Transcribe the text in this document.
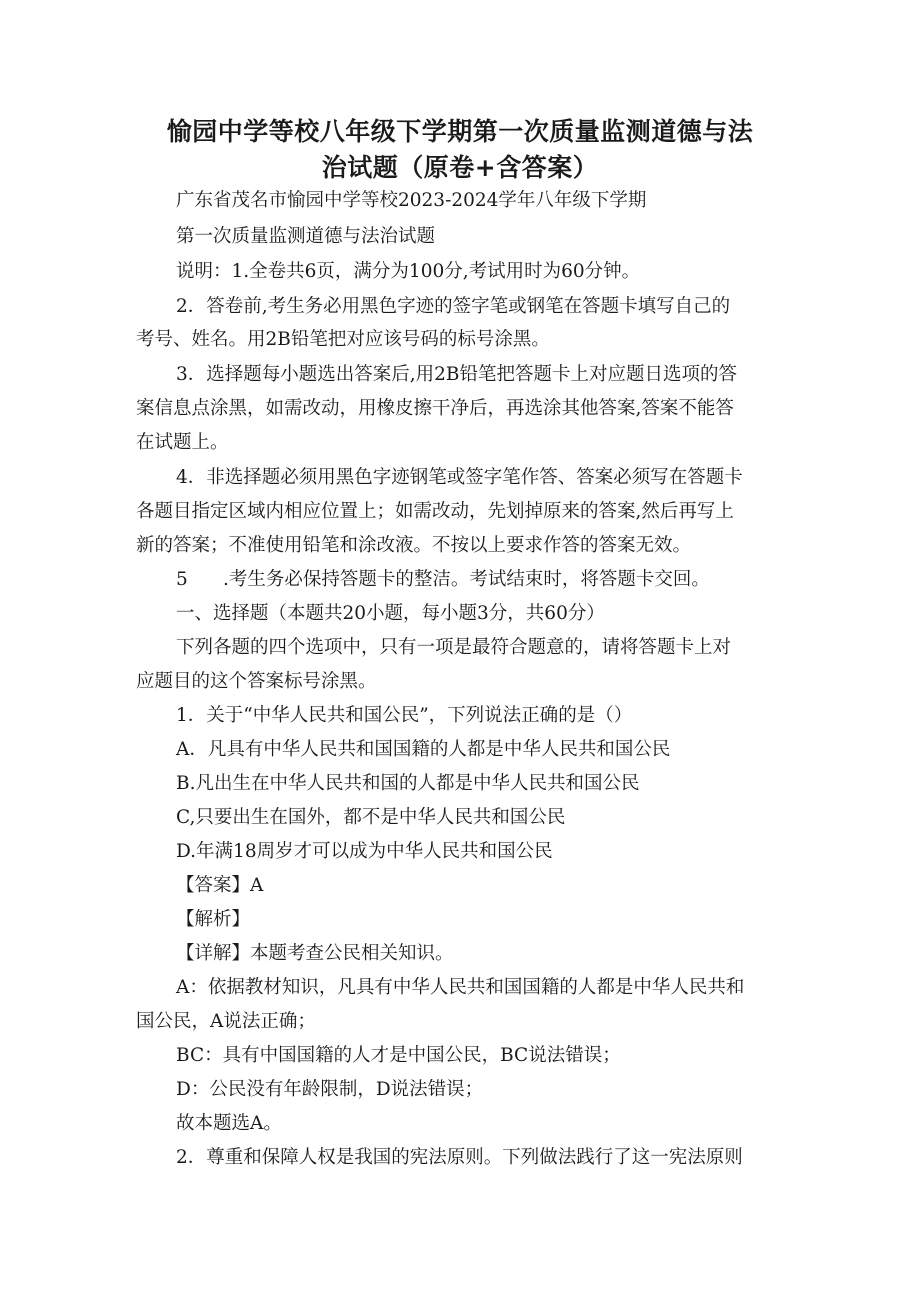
愉园中学等校八年级下学期第一次质量监测道德与法
治试题（原卷+含答案）

广东省茂名市愉园中学等校2023-2024学年八年级下学期

第一次质量监测道德与法治试题

说明：1.全卷共6页，满分为100分,考试用时为60分钟。

2．答卷前,考生务必用黑色字迹的签字笔或钢笔在答题卡填写自己的

考号、姓名。用2B铅笔把对应该号码的标号涂黑。

3．选择题每小题选出答案后,用2B铅笔把答题卡上对应题日选项的答

案信息点涂黑，如需改动，用橡皮擦干净后，再选涂其他答案,答案不能答

在试题上。

4．非选择题必须用黑色字迹钢笔或签字笔作答、答案必须写在答题卡

各题目指定区域内相应位置上；如需改动，先划掉原来的答案,然后再写上

新的答案；不准使用铅笔和涂改液。不按以上要求作答的答案无效。

5      .考生务必保持答题卡的整洁。考试结束时，将答题卡交回。

一、选择题（本题共20小题，每小题3分，共60分）

下列各题的四个选项中，只有一项是最符合题意的，请将答题卡上对

应题目的这个答案标号涂黑。

1．关于“中华人民共和国公民”，下列说法正确的是（）

A．凡具有中华人民共和国国籍的人都是中华人民共和国公民

B.凡出生在中华人民共和国的人都是中华人民共和国公民

C,只要出生在国外，都不是中华人民共和国公民

D.年满18周岁才可以成为中华人民共和国公民

【答案】A

【解析】

【详解】本题考查公民相关知识。

A：依据教材知识，凡具有中华人民共和国国籍的人都是中华人民共和

国公民，A说法正确；

BC：具有中国国籍的人才是中国公民，BC说法错误；

D：公民没有年龄限制，D说法错误；

故本题选A。

2．尊重和保障人权是我国的宪法原则。下列做法践行了这一宪法原则
